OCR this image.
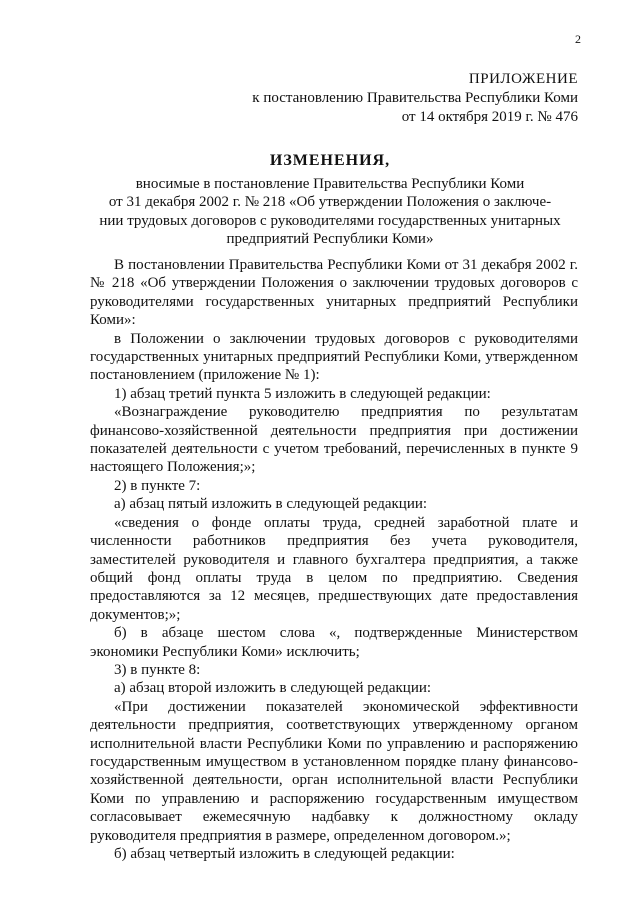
2
ПРИЛОЖЕНИЕ
к постановлению Правительства Республики Коми
от 14 октября 2019 г. № 476
ИЗМЕНЕНИЯ,
вносимые в постановление Правительства Республики Коми
от 31 декабря 2002 г. № 218 «Об утверждении Положения о заключе-
нии трудовых договоров с руководителями государственных унитарных
предприятий Республики Коми»

В постановлении Правительства Республики Коми от 31 декабря 2002 г. № 218 «Об утверждении Положения о заключении трудовых договоров с руководителями государственных унитарных предприятий Республики Коми»:

в Положении о заключении трудовых договоров с руководителями государственных унитарных предприятий Республики Коми, утвержденном постановлением (приложение № 1):

1) абзац третий пункта 5 изложить в следующей редакции:

«Вознаграждение руководителю предприятия по результатам финансово-хозяйственной деятельности предприятия при достижении показателей деятельности с учетом требований, перечисленных в пункте 9 настоящего Положения;»;

2) в пункте 7:

а) абзац пятый изложить в следующей редакции:

«сведения о фонде оплаты труда, средней заработной плате и численности работников предприятия без учета руководителя, заместителей руководителя и главного бухгалтера предприятия, а также общий фонд оплаты труда в целом по предприятию. Сведения предоставляются за 12 месяцев, предшествующих дате предоставления документов;»;

б) в абзаце шестом слова «, подтвержденные Министерством экономики Республики Коми» исключить;

3) в пункте 8:

а) абзац второй изложить в следующей редакции:

«При достижении показателей экономической эффективности деятельности предприятия, соответствующих утвержденному органом исполнительной власти Республики Коми по управлению и распоряжению государственным имуществом в установленном порядке плану финансово-хозяйственной деятельности, орган исполнительной власти Республики Коми по управлению и распоряжению государственным имуществом согласовывает ежемесячную надбавку к должностному окладу руководителя предприятия в размере, определенном договором.»;

б) абзац четвертый изложить в следующей редакции:
